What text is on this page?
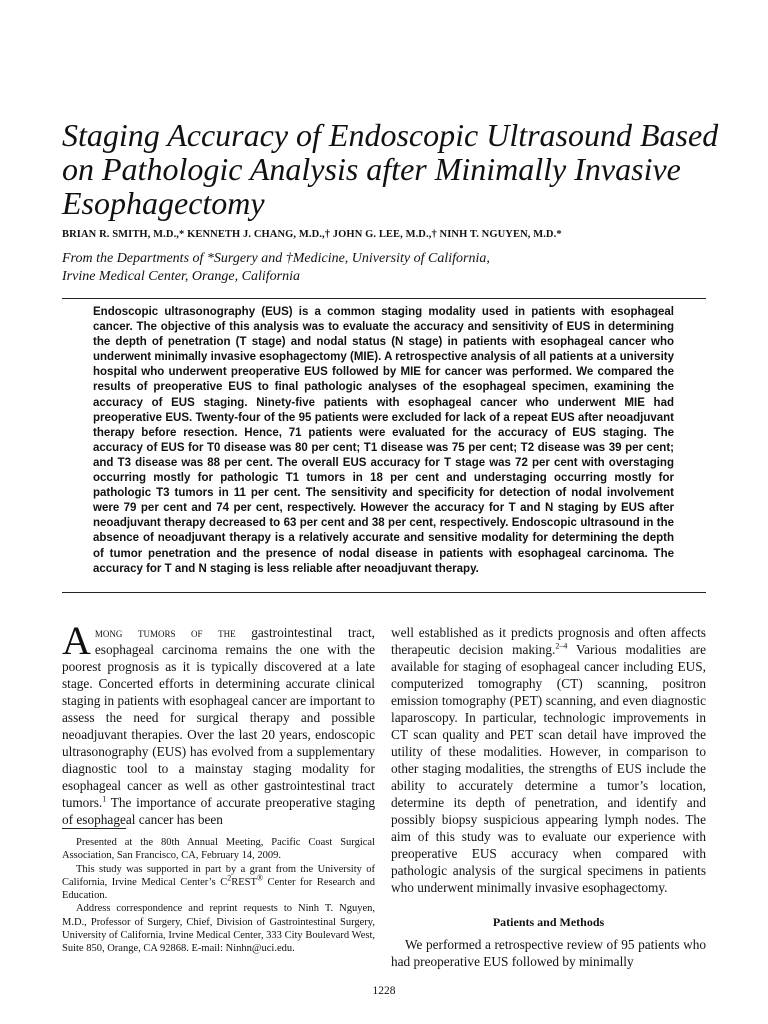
Staging Accuracy of Endoscopic Ultrasound Based on Pathologic Analysis after Minimally Invasive Esophagectomy
BRIAN R. SMITH, M.D.,* KENNETH J. CHANG, M.D.,† JOHN G. LEE, M.D.,† NINH T. NGUYEN, M.D.*
From the Departments of *Surgery and †Medicine, University of California,
Irvine Medical Center, Orange, California

Endoscopic ultrasonography (EUS) is a common staging modality used in patients with esophageal cancer. The objective of this analysis was to evaluate the accuracy and sensitivity of EUS in determining the depth of penetration (T stage) and nodal status (N stage) in patients with esophageal cancer who underwent minimally invasive esophagectomy (MIE). A retrospective analysis of all patients at a university hospital who underwent preoperative EUS followed by MIE for cancer was performed. We compared the results of preoperative EUS to final pathologic analyses of the esophageal specimen, examining the accuracy of EUS staging. Ninety-five patients with esophageal cancer who underwent MIE had preoperative EUS. Twenty-four of the 95 patients were excluded for lack of a repeat EUS after neoadjuvant therapy before resection. Hence, 71 patients were evaluated for the accuracy of EUS staging. The accuracy of EUS for T0 disease was 80 per cent; T1 disease was 75 per cent; T2 disease was 39 per cent; and T3 disease was 88 per cent. The overall EUS accuracy for T stage was 72 per cent with overstaging occurring mostly for pathologic T1 tumors in 18 per cent and understaging occurring mostly for pathologic T3 tumors in 11 per cent. The sensitivity and specificity for detection of nodal involvement were 79 per cent and 74 per cent, respectively. However the accuracy for T and N staging by EUS after neoadjuvant therapy decreased to 63 per cent and 38 per cent, respectively. Endoscopic ultrasound in the absence of neoadjuvant therapy is a relatively accurate and sensitive modality for determining the depth of tumor penetration and the presence of nodal disease in patients with esophageal carcinoma. The accuracy for T and N staging is less reliable after neoadjuvant therapy.

Among tumors of the gastrointestinal tract, esophageal carcinoma remains the one with the poorest prognosis as it is typically discovered at a late stage. Concerted efforts in determining accurate clinical staging in patients with esophageal cancer are important to assess the need for surgical therapy and possible neoadjuvant therapies. Over the last 20 years, endoscopic ultrasonography (EUS) has evolved from a supplementary diagnostic tool to a mainstay staging modality for esophageal cancer as well as other gastrointestinal tract tumors.$^1$ The importance of accurate preoperative staging of esophageal cancer has been

Presented at the 80th Annual Meeting, Pacific Coast Surgical Association, San Francisco, CA, February 14, 2009.

This study was supported in part by a grant from the University of California, Irvine Medical Center’s $C^2REST®$ Center for Research and Education.

Address correspondence and reprint requests to Ninh T. Nguyen, M.D., Professor of Surgery, Chief, Division of Gastrointestinal Surgery, University of California, Irvine Medical Center, 333 City Boulevard West, Suite 850, Orange, CA 92868. E-mail: Ninhn@uci.edu.

well established as it predicts prognosis and often affects therapeutic decision making.$^{2-4}$ Various modalities are available for staging of esophageal cancer including EUS, computerized tomography (CT) scanning, positron emission tomography (PET) scanning, and even diagnostic laparoscopy. In particular, technologic improvements in CT scan quality and PET scan detail have improved the utility of these modalities. However, in comparison to other staging modalities, the strengths of EUS include the ability to accurately determine a tumor’s location, determine its depth of penetration, and identify and possibly biopsy suspicious appearing lymph nodes. The aim of this study was to evaluate our experience with preoperative EUS accuracy when compared with pathologic analysis of the surgical specimens in patients who underwent minimally invasive esophagectomy.

Patients and Methods

We performed a retrospective review of 95 patients who had preoperative EUS followed by minimally

1228
